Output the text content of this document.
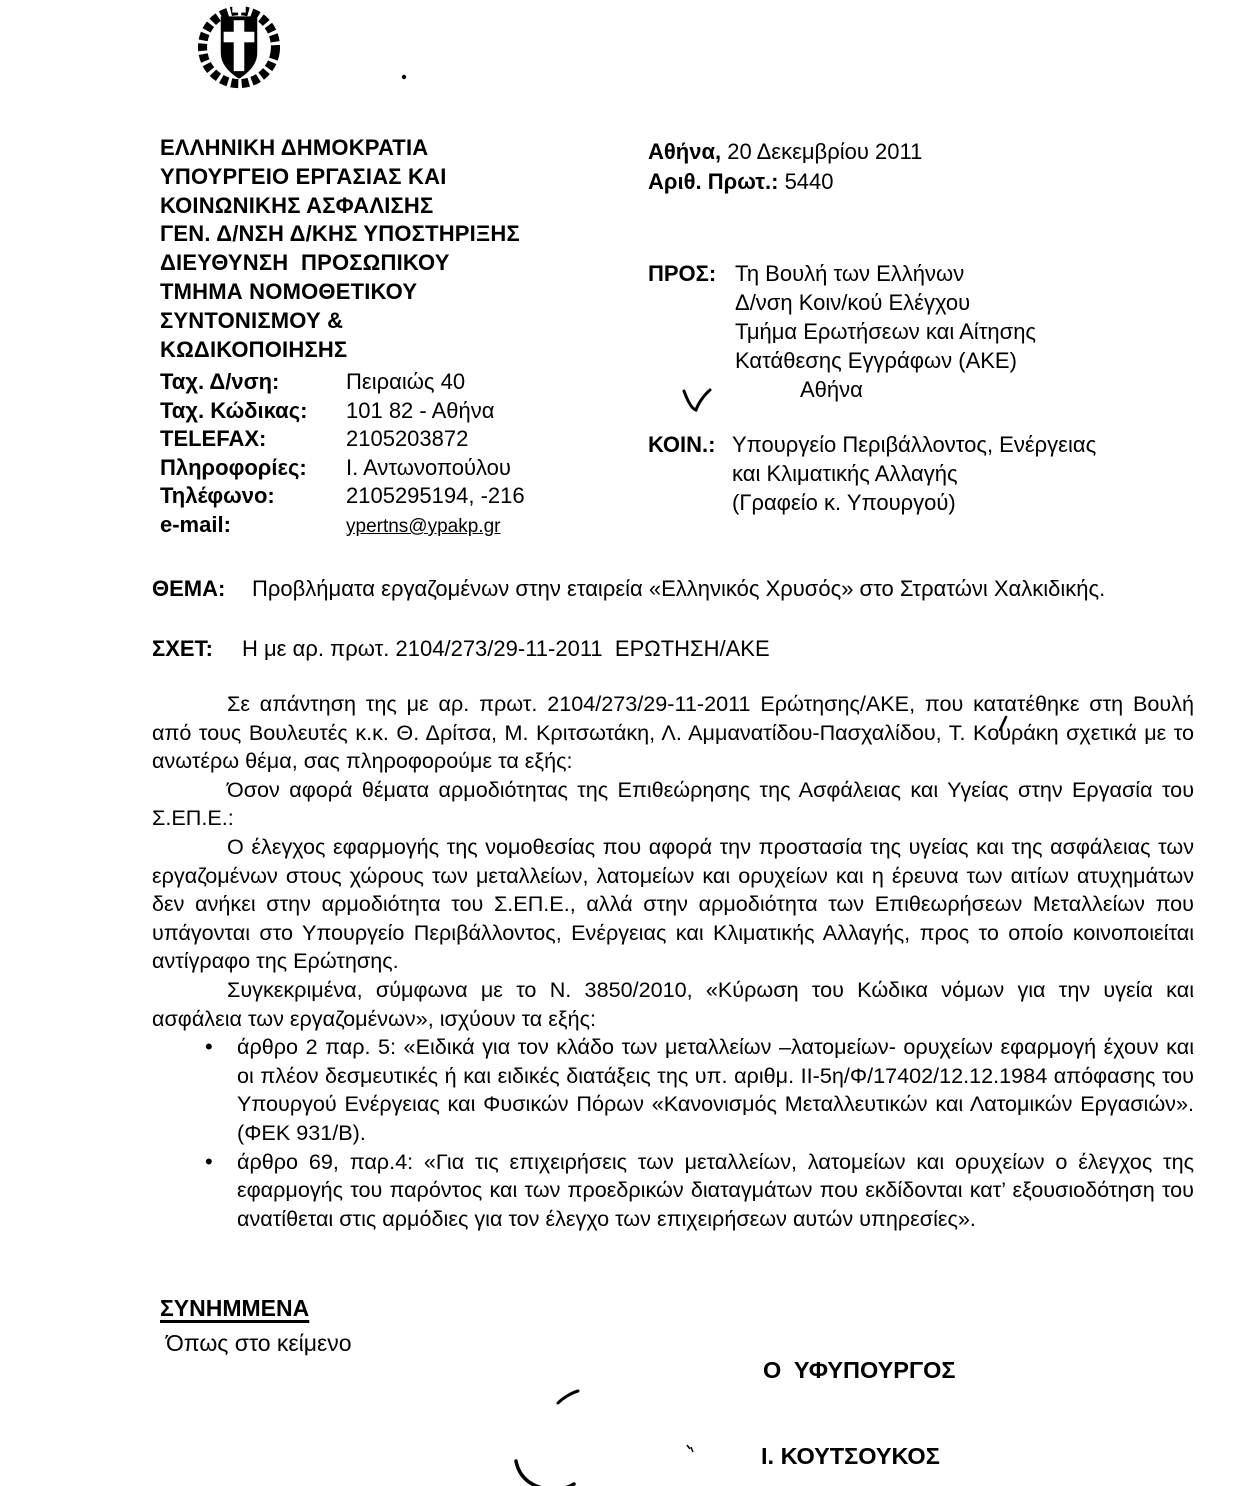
ΕΛΛΗΝΙΚΗ ΔΗΜΟΚΡΑΤΙΑ
ΥΠΟΥΡΓΕΙΟ ΕΡΓΑΣΙΑΣ ΚΑΙ
ΚΟΙΝΩΝΙΚΗΣ ΑΣΦΑΛΙΣΗΣ
ΓΕΝ. Δ/ΝΣΗ Δ/ΚΗΣ ΥΠΟΣΤΗΡΙΞΗΣ
ΔΙΕΥΘΥΝΣΗ  ΠΡΟΣΩΠΙΚΟΥ
ΤΜΗΜΑ ΝΟΜΟΘΕΤΙΚΟΥ
ΣΥΝΤΟΝΙΣΜΟΥ &
ΚΩΔΙΚΟΠΟΙΗΣΗΣ
Ταχ. Δ/νση:	Πειραιώς 40
Ταχ. Κώδικας:	101 82 - Αθήνα
TELEFAX:	2105203872
Πληροφορίες:	Ι. Αντωνοπούλου
Τηλέφωνο:	2105295194, -216
e-mail:	ypertns@ypakp.gr
Αθήνα, 20 Δεκεμβρίου 2011
Αριθ. Πρωτ.: 5440
ΠΡΟΣ: Τη Βουλή των Ελλήνων
Δ/νση Κοιν/κού Ελέγχου
Τμήμα Ερωτήσεων και Αίτησης
Κατάθεσης Εγγράφων (ΑΚΕ)
Αθήνα
ΚΟΙΝ.: Υπουργείο Περιβάλλοντος, Ενέργειας
και Κλιματικής Αλλαγής
(Γραφείο κ. Υπουργού)
ΘΕΜΑ:	Προβλήματα εργαζομένων στην εταιρεία «Ελληνικός Χρυσός» στο Στρατώνι Χαλκιδικής.
ΣΧΕΤ:	Η με αρ. πρωτ. 2104/273/29-11-2011  ΕΡΩΤΗΣΗ/ΑΚΕ

Σε απάντηση της με αρ. πρωτ. 2104/273/29-11-2011 Ερώτησης/ΑΚΕ, που κατατέθηκε στη Βουλή από τους Βουλευτές κ.κ. Θ. Δρίτσα, Μ. Κριτσωτάκη, Λ. Αμμανατίδου-Πασχαλίδου, Τ. Κουράκη σχετικά με το ανωτέρω θέμα, σας πληροφορούμε τα εξής:

Όσον αφορά θέματα αρμοδιότητας της Επιθεώρησης της Ασφάλειας και Υγείας στην Εργασία του Σ.ΕΠ.Ε.:

Ο έλεγχος εφαρμογής της νομοθεσίας που αφορά την προστασία της υγείας και της ασφάλειας των εργαζομένων στους χώρους των μεταλλείων, λατομείων και ορυχείων και η έρευνα των αιτίων ατυχημάτων δεν ανήκει στην αρμοδιότητα του Σ.ΕΠ.Ε., αλλά στην αρμοδιότητα των Επιθεωρήσεων Μεταλλείων που υπάγονται στο Υπουργείο Περιβάλλοντος, Ενέργειας και Κλιματικής Αλλαγής, προς το οποίο κοινοποιείται αντίγραφο της Ερώτησης.

Συγκεκριμένα, σύμφωνα με το Ν. 3850/2010, «Κύρωση του Κώδικα νόμων για την υγεία και ασφάλεια των εργαζομένων», ισχύουν τα εξής:

• άρθρο 2 παρ. 5: «Ειδικά για τον κλάδο των μεταλλείων –λατομείων- ορυχείων εφαρμογή έχουν και οι πλέον δεσμευτικές ή και ειδικές διατάξεις της υπ. αριθμ. ΙΙ-5η/Φ/17402/12.12.1984 απόφασης του Υπουργού Ενέργειας και Φυσικών Πόρων «Κανονισμός Μεταλλευτικών και Λατομικών Εργασιών». (ΦΕΚ 931/Β).
• άρθρο 69, παρ.4: «Για τις επιχειρήσεις των μεταλλείων, λατομείων και ορυχείων ο έλεγχος της εφαρμογής του παρόντος και των προεδρικών διαταγμάτων που εκδίδονται κατ’ εξουσιοδότηση του ανατίθεται στις αρμόδιες για τον έλεγχο των επιχειρήσεων αυτών υπηρεσίες».
ΣΥΝΗΜΜΕΝΑ
Όπως στο κείμενο
Ο  ΥΦΥΠΟΥΡΓΟΣ
Ι. ΚΟΥΤΣΟΥΚΟΣ
